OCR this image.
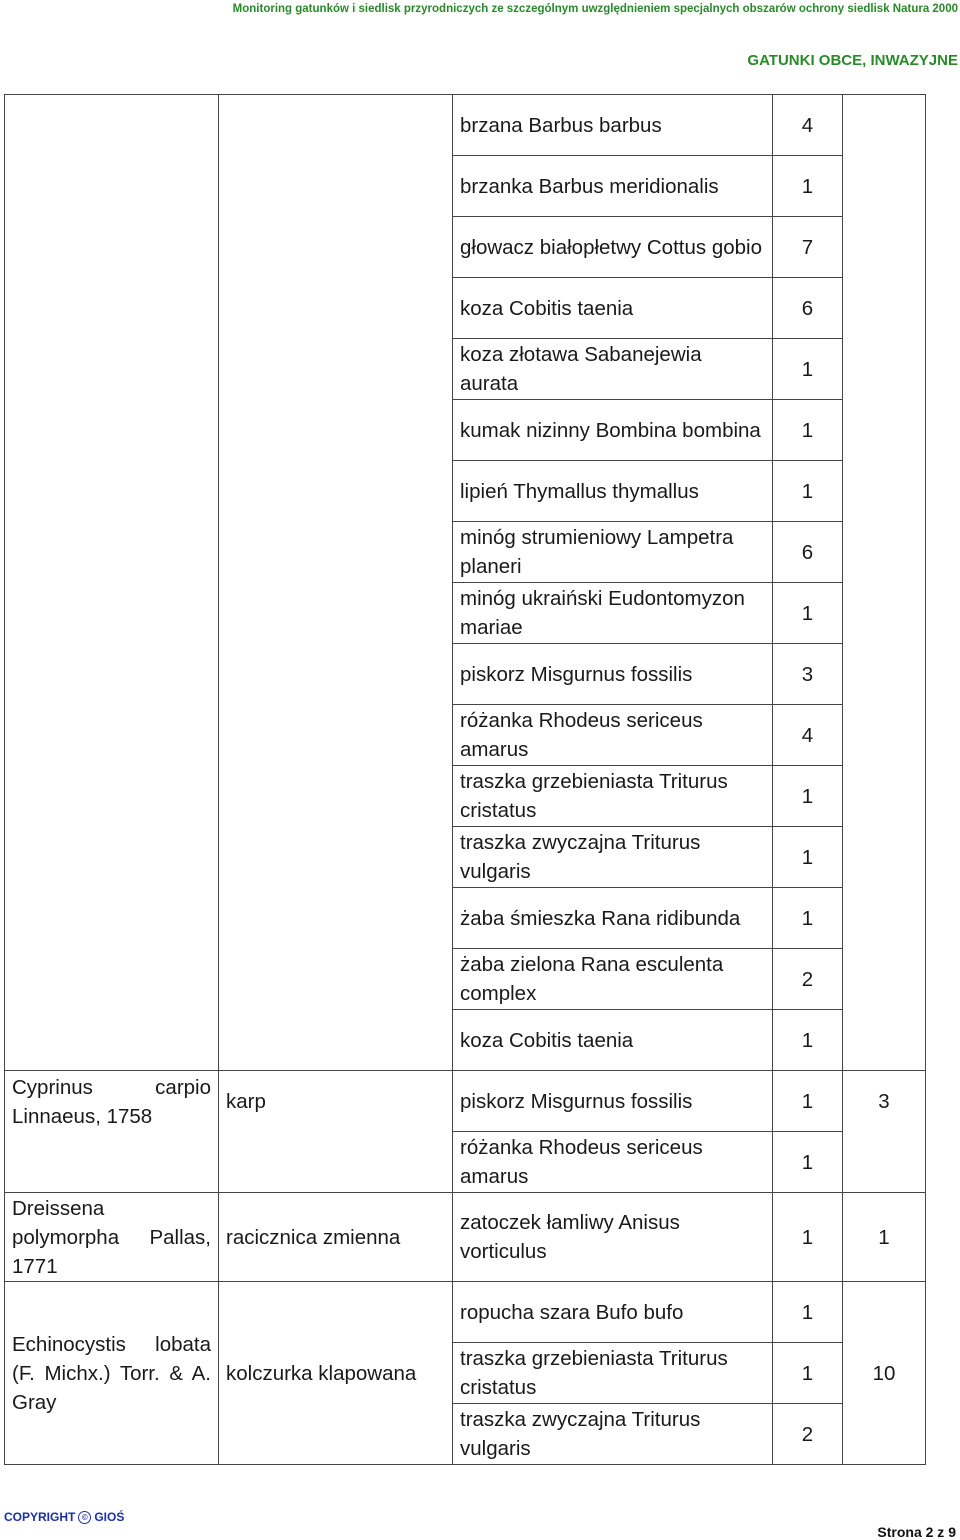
Monitoring gatunków i siedlisk przyrodniczych ze szczególnym uwzględnieniem specjalnych obszarów ochrony siedlisk Natura 2000
GATUNKI OBCE, INWAZYJNE
		brzana Barbus barbus	4	
		brzanka Barbus meridionalis	1	
		głowacz białopłetwy Cottus gobio	7	
		koza Cobitis taenia	6	
		koza złotawa Sabanejewia aurata	1	
		kumak nizinny Bombina bombina	1	
		lipień Thymallus thymallus	1	
		minóg strumieniowy Lampetra planeri	6	
		minóg ukraiński Eudontomyzon mariae	1	
		piskorz Misgurnus fossilis	3	
		różanka Rhodeus sericeus amarus	4	
		traszka grzebieniasta Triturus cristatus	1	
		traszka zwyczajna Triturus vulgaris	1	
		żaba śmieszka Rana ridibunda	1	
		żaba zielona Rana esculenta complex	2	
		koza Cobitis taenia	1	
Cyprinus carpio Linnaeus, 1758	karp	piskorz Misgurnus fossilis	1	3
		różanka Rhodeus sericeus amarus	1	
Dreissena polymorpha Pallas, 1771	racicznica zmienna	zatoczek łamliwy Anisus vorticulus	1	1
Echinocystis lobata (F. Michx.) Torr. & A. Gray	kolczurka klapowana	ropucha szara Bufo bufo	1	10
		traszka grzebieniasta Triturus cristatus	1	
		traszka zwyczajna Triturus vulgaris	2	
COPYRIGHT © GIOŚ
Strona 2 z 9
